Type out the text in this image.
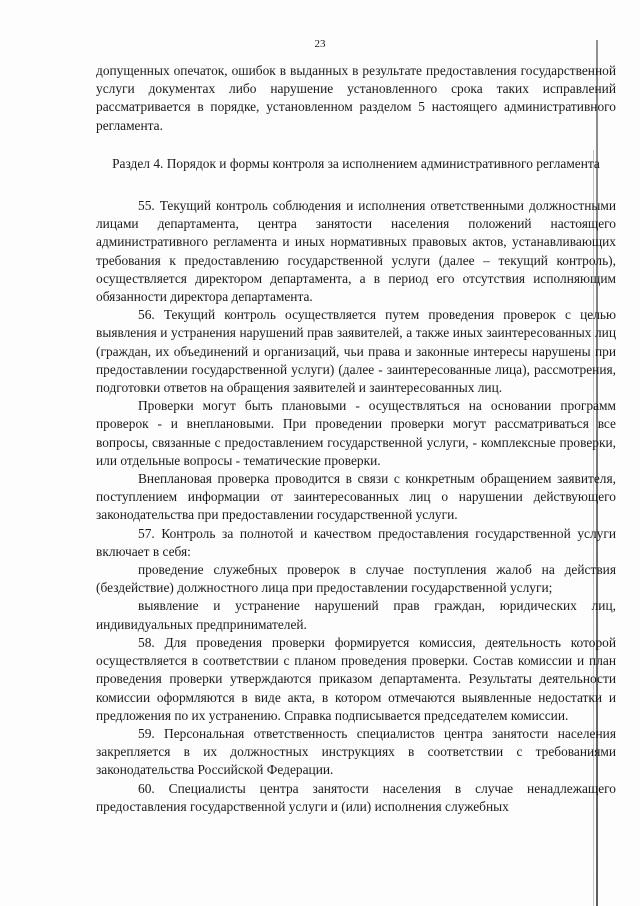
23

допущенных опечаток, ошибок в выданных в результате предоставления государственной услуги документах либо нарушение установленного срока таких исправлений рассматривается в порядке, установленном разделом 5 настоящего административного регламента.

Раздел 4. Порядок и формы контроля за исполнением административного регламента

55. Текущий контроль соблюдения и исполнения ответственными должностными лицами департамента, центра занятости населения положений настоящего административного регламента и иных нормативных правовых актов, устанавливающих требования к предоставлению государственной услуги (далее – текущий контроль), осуществляется директором департамента, а в период его отсутствия исполняющим обязанности директора департамента.

56. Текущий контроль осуществляется путем проведения проверок с целью выявления и устранения нарушений прав заявителей, а также иных заинтересованных лиц (граждан, их объединений и организаций, чьи права и законные интересы нарушены при предоставлении государственной услуги) (далее - заинтересованные лица), рассмотрения, подготовки ответов на обращения заявителей и заинтересованных лиц.

Проверки могут быть плановыми - осуществляться на основании программ проверок - и внеплановыми. При проведении проверки могут рассматриваться все вопросы, связанные с предоставлением государственной услуги, - комплексные проверки, или отдельные вопросы - тематические проверки.

Внеплановая проверка проводится в связи с конкретным обращением заявителя, поступлением информации от заинтересованных лиц о нарушении действующего законодательства при предоставлении государственной услуги.

57. Контроль за полнотой и качеством предоставления государственной услуги включает в себя:

проведение служебных проверок в случае поступления жалоб на действия (бездействие) должностного лица при предоставлении государственной услуги;

выявление и устранение нарушений прав граждан, юридических лиц, индивидуальных предпринимателей.

58. Для проведения проверки формируется комиссия, деятельность которой осуществляется в соответствии с планом проведения проверки. Состав комиссии и план проведения проверки утверждаются приказом департамента. Результаты деятельности комиссии оформляются в виде акта, в котором отмечаются выявленные недостатки и предложения по их устранению. Справка подписывается председателем комиссии.

59. Персональная ответственность специалистов центра занятости населения закрепляется в их должностных инструкциях в соответствии с требованиями законодательства Российской Федерации.

60. Специалисты центра занятости населения в случае ненадлежащего предоставления государственной услуги и (или) исполнения служебных
